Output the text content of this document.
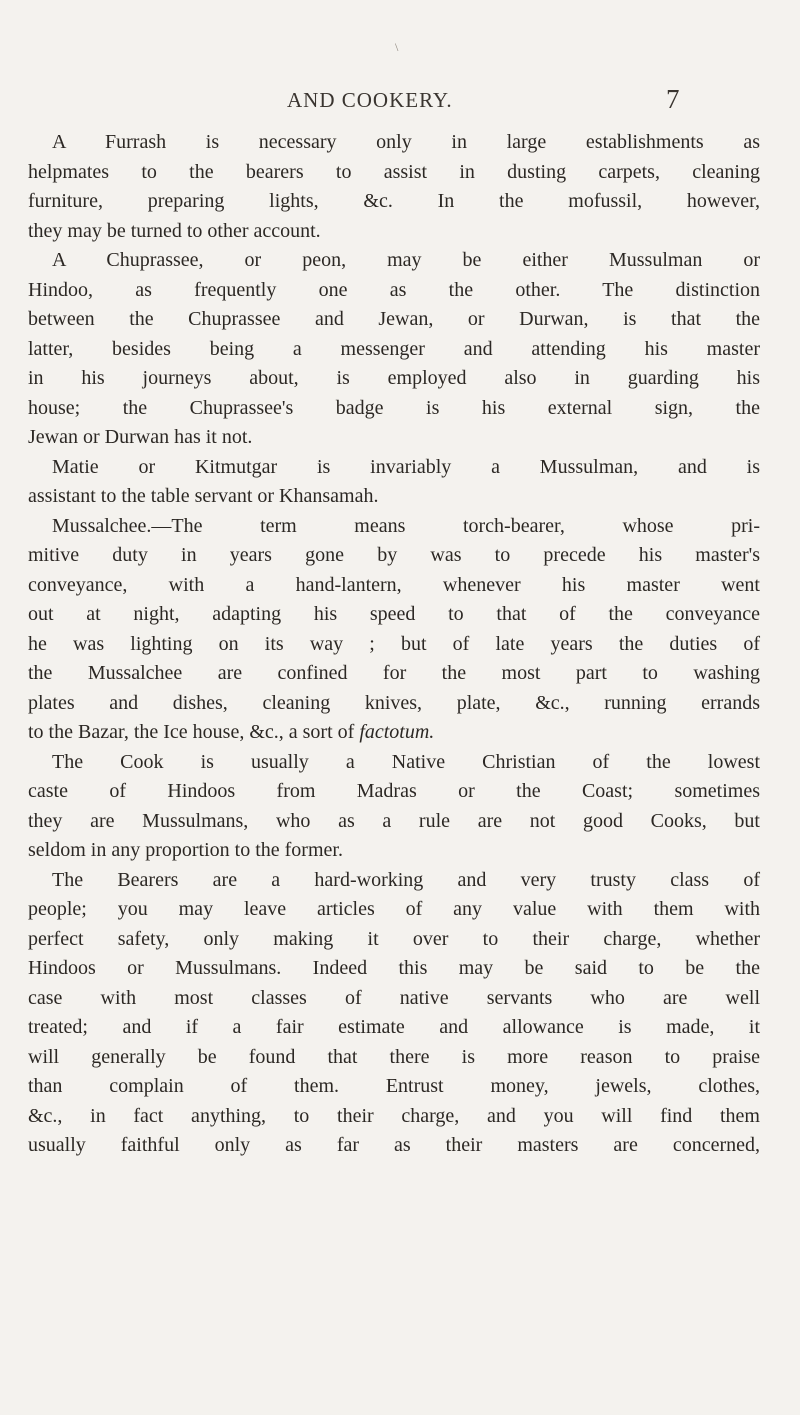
\
AND COOKERY.	7
A Furrash is necessary only in large establishments as
helpmates to the bearers to assist in dusting carpets, cleaning
furniture, preparing lights, &c. In the mofussil, however,
they may be turned to other account.
A Chuprassee, or peon, may be either Mussulman or
Hindoo, as frequently one as the other. The distinction
between the Chuprassee and Jewan, or Durwan, is that the
latter, besides being a messenger and attending his master
in his journeys about, is employed also in guarding his
house; the Chuprassee's badge is his external sign, the
Jewan or Durwan has it not.
Matie or Kitmutgar is invariably a Mussulman, and is
assistant to the table servant or Khansamah.
Mussalchee.—The term means torch-bearer, whose pri-
mitive duty in years gone by was to precede his master's
conveyance, with a hand-lantern, whenever his master went
out at night, adapting his speed to that of the conveyance
he was lighting on its way ; but of late years the duties of
the Mussalchee are confined for the most part to washing
plates and dishes, cleaning knives, plate, &c., running errands
to the Bazar, the Ice house, &c., a sort of factotum.
The Cook is usually a Native Christian of the lowest
caste of Hindoos from Madras or the Coast; sometimes
they are Mussulmans, who as a rule are not good Cooks, but
seldom in any proportion to the former.
The Bearers are a hard-working and very trusty class of
people; you may leave articles of any value with them with
perfect safety, only making it over to their charge, whether
Hindoos or Mussulmans. Indeed this may be said to be the
case with most classes of native servants who are well
treated; and if a fair estimate and allowance is made, it
will generally be found that there is more reason to praise
than complain of them. Entrust money, jewels, clothes,
&c., in fact anything, to their charge, and you will find them
usually faithful only as far as their masters are concerned,
